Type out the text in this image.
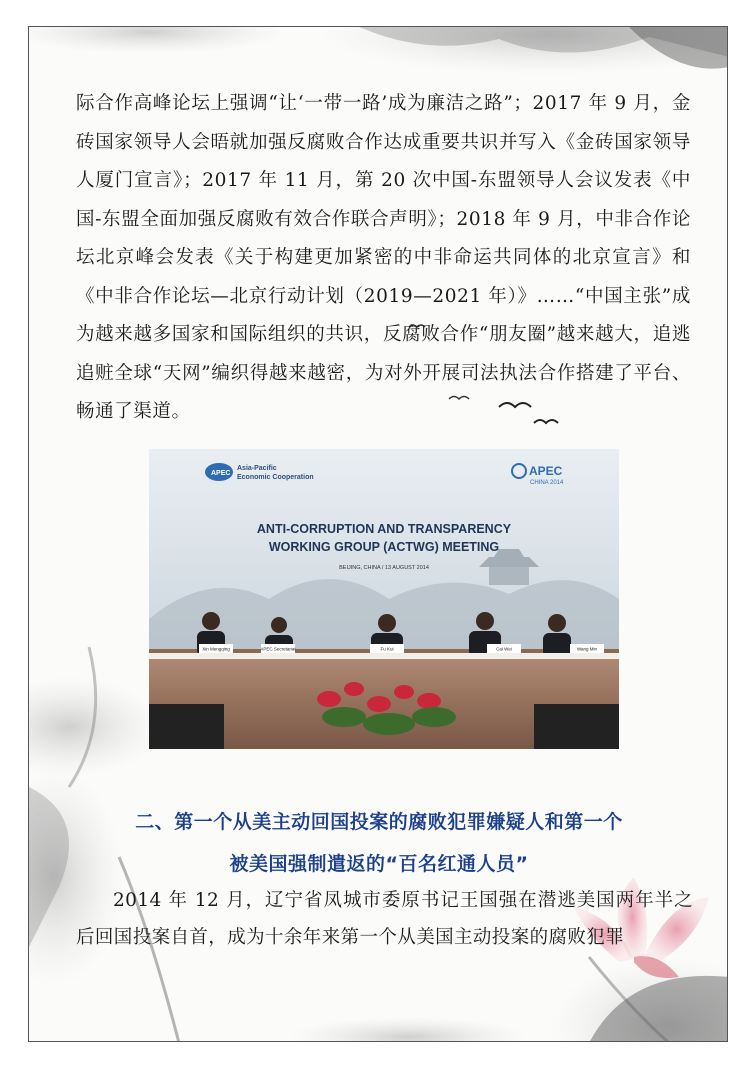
际合作高峰论坛上强调“让‘一带一路’成为廉洁之路”；2017 年 9 月，金砖国家领导人会晤就加强反腐败合作达成重要共识并写入《金砖国家领导人厦门宣言》；2017 年 11 月，第 20 次中国-东盟领导人会议发表《中国-东盟全面加强反腐败有效合作联合声明》；2018 年 9 月，中非合作论坛北京峰会发表《关于构建更加紧密的中非命运共同体的北京宣言》和《中非合作论坛—北京行动计划（2019—2021 年）》……“中国主张”成为越来越多国家和国际组织的共识，反腐败合作“朋友圈”越来越大，追逃追赃全球“天网”编织得越来越密，为对外开展司法执法合作搭建了平台、畅通了渠道。

APEC
Asia-Pacific
Economic Cooperation	APEC
CHINA 2014
ANTI-CORRUPTION AND TRANSPARENCY
WORKING GROUP (ACTWG) MEETING
BEIJING, CHINA / 13 AUGUST 2014
Xin Mengqing	APEC Secretariat	Fu Kui	Cai Wei	Wang Min

二、第一个从美主动回国投案的腐败犯罪嫌疑人和第一个

被美国强制遣返的“百名红通人员”

2014 年 12 月，辽宁省凤城市委原书记王国强在潜逃美国两年半之后回国投案自首，成为十余年来第一个从美国主动投案的腐败犯罪
